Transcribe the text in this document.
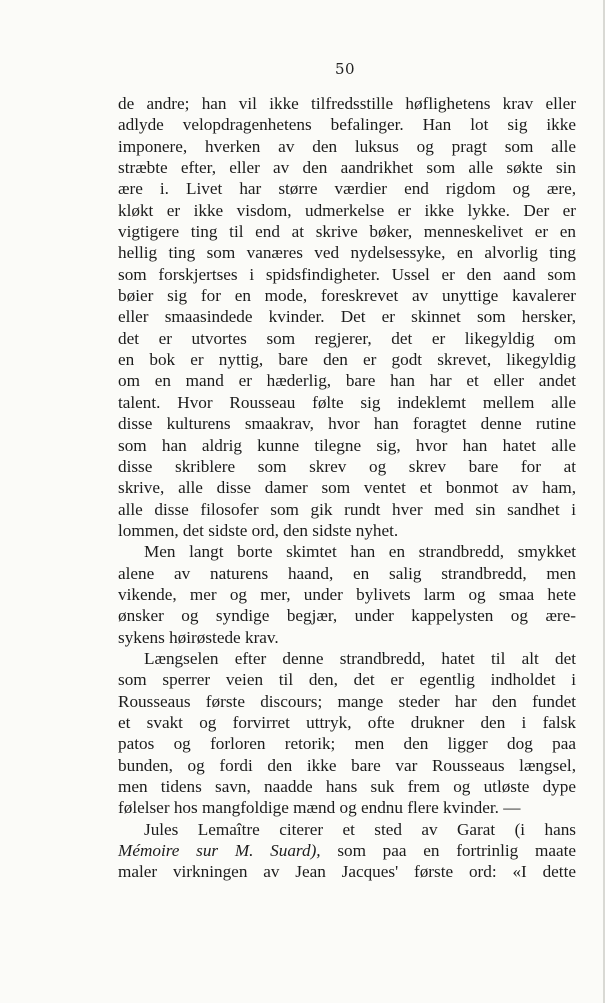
50

de andre; han vil ikke tilfredsstille høflighetens krav eller
adlyde velopdragenhetens befalinger. Han lot sig ikke
imponere, hverken av den luksus og pragt som alle
stræbte efter, eller av den aandrikhet som alle søkte sin
ære i. Livet har større værdier end rigdom og ære,
kløkt er ikke visdom, udmerkelse er ikke lykke. Der er
vigtigere ting til end at skrive bøker, menneskelivet er en
hellig ting som vanæres ved nydelsessyke, en alvorlig ting
som forskjertses i spidsfindigheter. Ussel er den aand som
bøier sig for en mode, foreskrevet av unyttige kavalerer
eller smaasindede kvinder. Det er skinnet som hersker,
det er utvortes som regjerer, det er likegyldig om
en bok er nyttig, bare den er godt skrevet, likegyldig
om en mand er hæderlig, bare han har et eller andet
talent. Hvor Rousseau følte sig indeklemt mellem alle
disse kulturens smaakrav, hvor han foragtet denne rutine
som han aldrig kunne tilegne sig, hvor han hatet alle
disse skriblere som skrev og skrev bare for at
skrive, alle disse damer som ventet et bonmot av ham,
alle disse filosofer som gik rundt hver med sin sandhet i
lommen, det sidste ord, den sidste nyhet.

Men langt borte skimtet han en strandbredd, smykket
alene av naturens haand, en salig strandbredd, men
vikende, mer og mer, under bylivets larm og smaa hete
ønsker og syndige begjær, under kappelysten og ære-
sykens høirøstede krav.

Længselen efter denne strandbredd, hatet til alt det
som sperrer veien til den, det er egentlig indholdet i
Rousseaus første discours; mange steder har den fundet
et svakt og forvirret uttryk, ofte drukner den i falsk
patos og forloren retorik; men den ligger dog paa
bunden, og fordi den ikke bare var Rousseaus længsel,
men tidens savn, naadde hans suk frem og utløste dype
følelser hos mangfoldige mænd og endnu flere kvinder. —

Jules Lemaître citerer et sted av Garat (i hans
Mémoire sur M. Suard), som paa en fortrinlig maate
maler virkningen av Jean Jacques' første ord: «I dette
